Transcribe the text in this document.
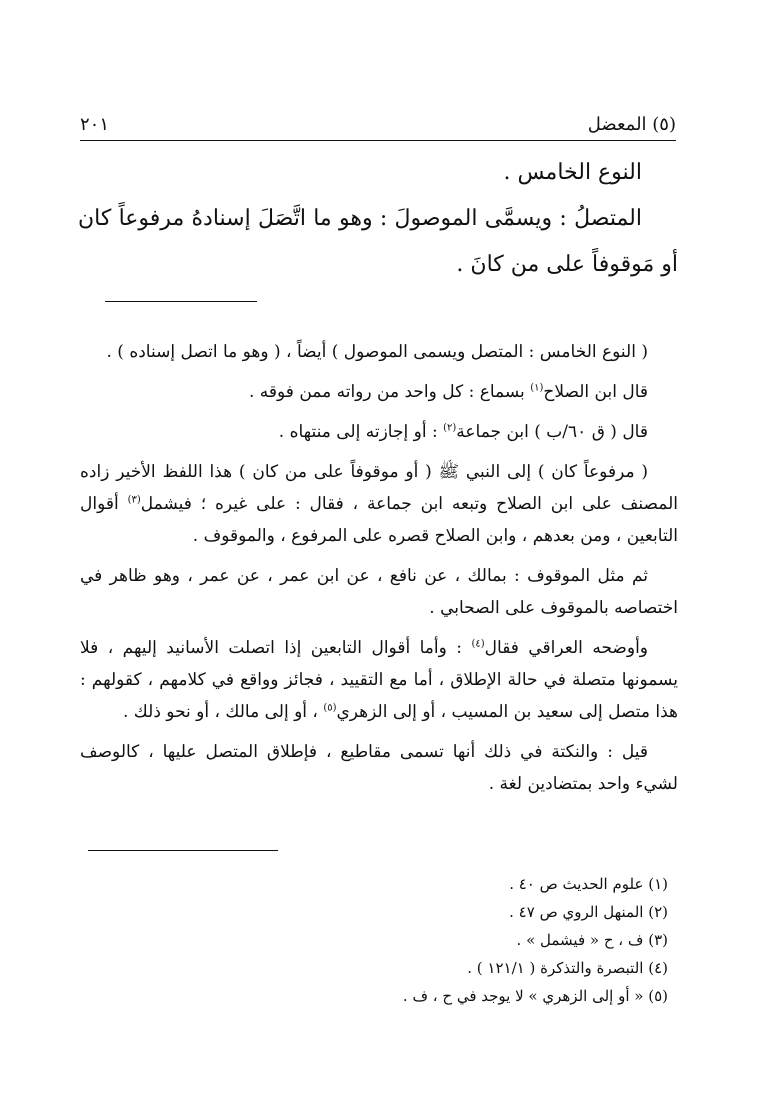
(٥) المعضل
٢٠١

النوع الخامس .

المتصلُ : ويسمَّى الموصولَ : وهو ما اتَّصَلَ إسنادهُ مرفوعاً كان أو مَوقوفاً على من كانَ .

( النوع الخامس : المتصل ويسمى الموصول ) أيضاً ، ( وهو ما اتصل إسناده ) .

قال ابن الصلاح$^{(١)}$ بسماع : كل واحد من رواته ممن فوقه .

قال ( ق ٦٠/ب ) ابن جماعة$^{(٢)}$ : أو إجازته إلى منتهاه .

( مرفوعاً كان ) إلى النبي ﷺ ( أو موقوفاً على من كان ) هذا اللفظ الأخير زاده المصنف على ابن الصلاح وتبعه ابن جماعة ، فقال : على غيره ؛ فيشمل$^{(٣)}$ أقوال التابعين ، ومن بعدهم ، وابن الصلاح قصره على المرفوع ، والموقوف .

ثم مثل الموقوف : بمالك ، عن نافع ، عن ابن عمر ، عن عمر ، وهو ظاهر في اختصاصه بالموقوف على الصحابي .

وأوضحه العراقي فقال$^{(٤)}$ : وأما أقوال التابعين إذا اتصلت الأسانيد إليهم ، فلا يسمونها متصلة في حالة الإطلاق ، أما مع التقييد ، فجائز وواقع في كلامهم ، كقولهم : هذا متصل إلى سعيد بن المسيب ، أو إلى الزهري$^{(٥)}$ ، أو إلى مالك ، أو نحو ذلك .

قيل : والنكتة في ذلك أنها تسمى مقاطيع ، فإطلاق المتصل عليها ، كالوصف لشيء واحد بمتضادين لغة .

(١) علوم الحديث ص ٤٠ .

(٢) المنهل الروي ص ٤٧ .

(٣) ف ، ح « فيشمل » .

(٤) التبصرة والتذكرة ( ١٢١/١ ) .

(٥) « أو إلى الزهري » لا يوجد في ح ، ف .
